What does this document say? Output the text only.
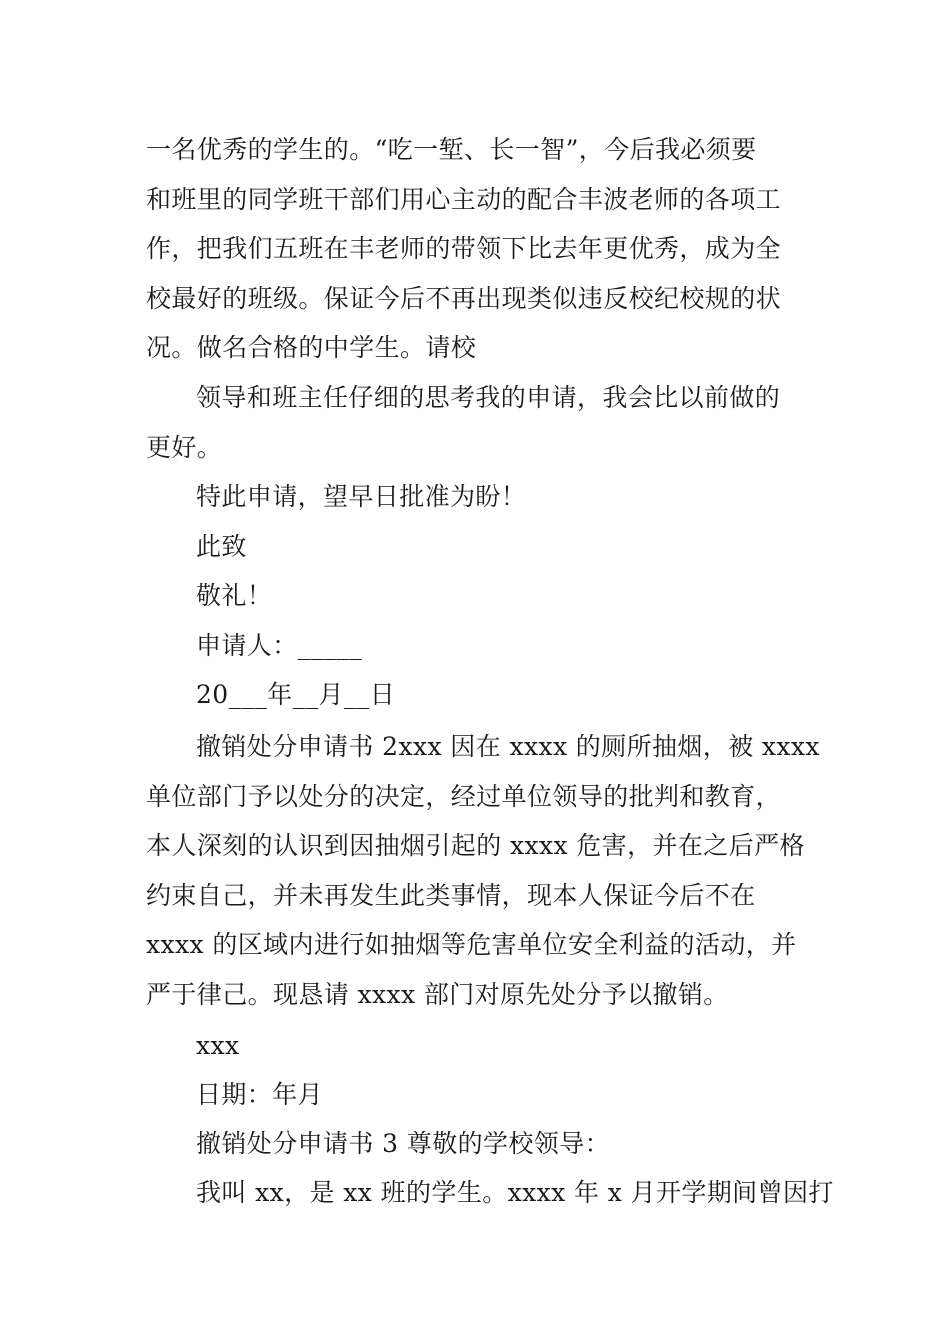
一名优秀的学生的。“吃一堑、长一智”，今后我必须要
和班里的同学班干部们用心主动的配合丰波老师的各项工
作，把我们五班在丰老师的带领下比去年更优秀，成为全
校最好的班级。保证今后不再出现类似违反校纪校规的状
况。做名合格的中学生。请校
领导和班主任仔细的思考我的申请，我会比以前做的
更好。

特此申请，望早日批准为盼！

此致

敬礼！

申请人：_____

20___年__月__日

撤销处分申请书 2xxx 因在 xxxx 的厕所抽烟，被 xxxx
单位部门予以处分的决定，经过单位领导的批判和教育，
本人深刻的认识到因抽烟引起的 xxxx 危害，并在之后严格
约束自己，并未再发生此类事情，现本人保证今后不在
xxxx 的区域内进行如抽烟等危害单位安全利益的活动，并
严于律己。现恳请 xxxx 部门对原先处分予以撤销。

xxx

日期：年月

撤销处分申请书 3 尊敬的学校领导：

我叫 xx，是 xx 班的学生。xxxx 年 x 月开学期间曾因打
